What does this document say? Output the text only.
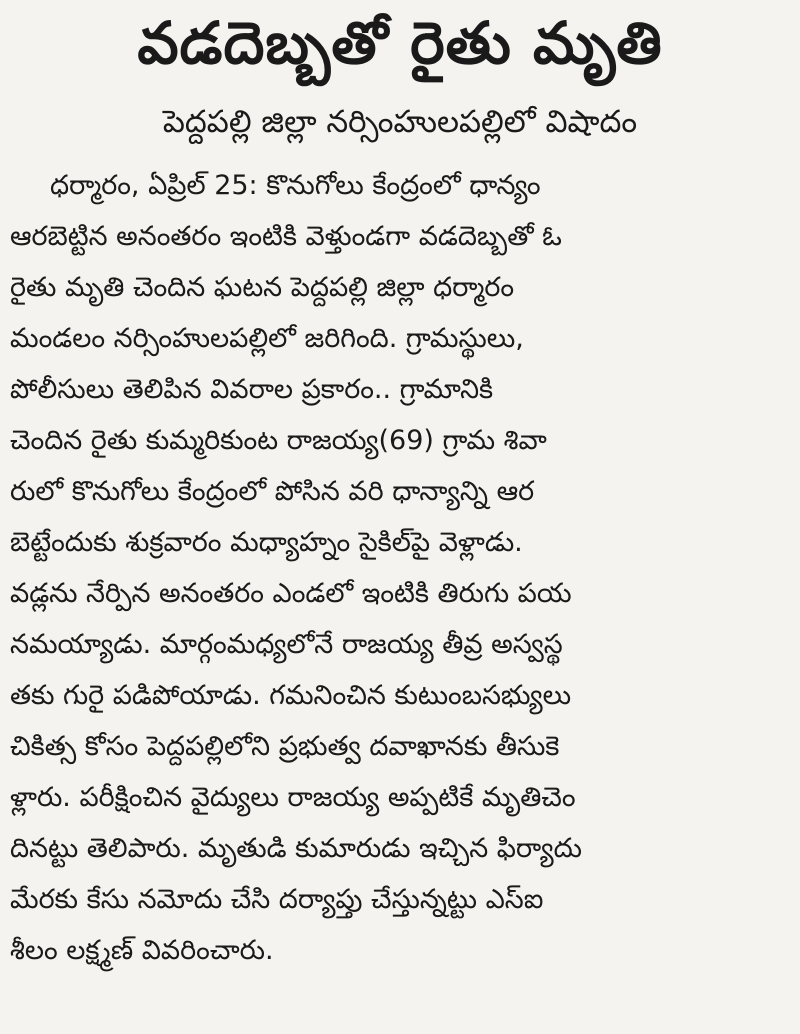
వడదెబ్బతో రైతు మృతి
పెద్దపల్లి జిల్లా నర్సింహులపల్లిలో విషాదం
ధర్మారం, ఏప్రిల్ 25: కొనుగోలు కేంద్రంలో ధాన్యం
ఆరబెట్టిన అనంతరం ఇంటికి వెళ్తుండగా వడదెబ్బతో ఓ
రైతు మృతి చెందిన ఘటన పెద్దపల్లి జిల్లా ధర్మారం
మండలం నర్సింహులపల్లిలో జరిగింది. గ్రామస్థులు,
పోలీసులు తెలిపిన వివరాల ప్రకారం.. గ్రామానికి
చెందిన రైతు కుమ్మరికుంట రాజయ్య(69) గ్రామ శివా
రులో కొనుగోలు కేంద్రంలో పోసిన వరి ధాన్యాన్ని ఆర
బెట్టేందుకు శుక్రవారం మధ్యాహ్నం సైకిల్‌పై వెళ్లాడు.
వడ్లను నేర్పిన అనంతరం ఎండలో ఇంటికి తిరుగు పయ
నమయ్యాడు. మార్గంమధ్యలోనే రాజయ్య తీవ్ర అస్వస్థ
తకు గురై పడిపోయాడు. గమనించిన కుటుంబసభ్యులు
చికిత్స కోసం పెద్దపల్లిలోని ప్రభుత్వ దవాఖానకు తీసుకె
ళ్లారు. పరీక్షించిన వైద్యులు రాజయ్య అప్పటికే మృతిచెం
దినట్టు తెలిపారు. మృతుడి కుమారుడు ఇచ్చిన ఫిర్యాదు
మేరకు కేసు నమోదు చేసి దర్యాప్తు చేస్తున్నట్టు ఎస్‌ఐ
శీలం లక్ష్మణ్ వివరించారు.
